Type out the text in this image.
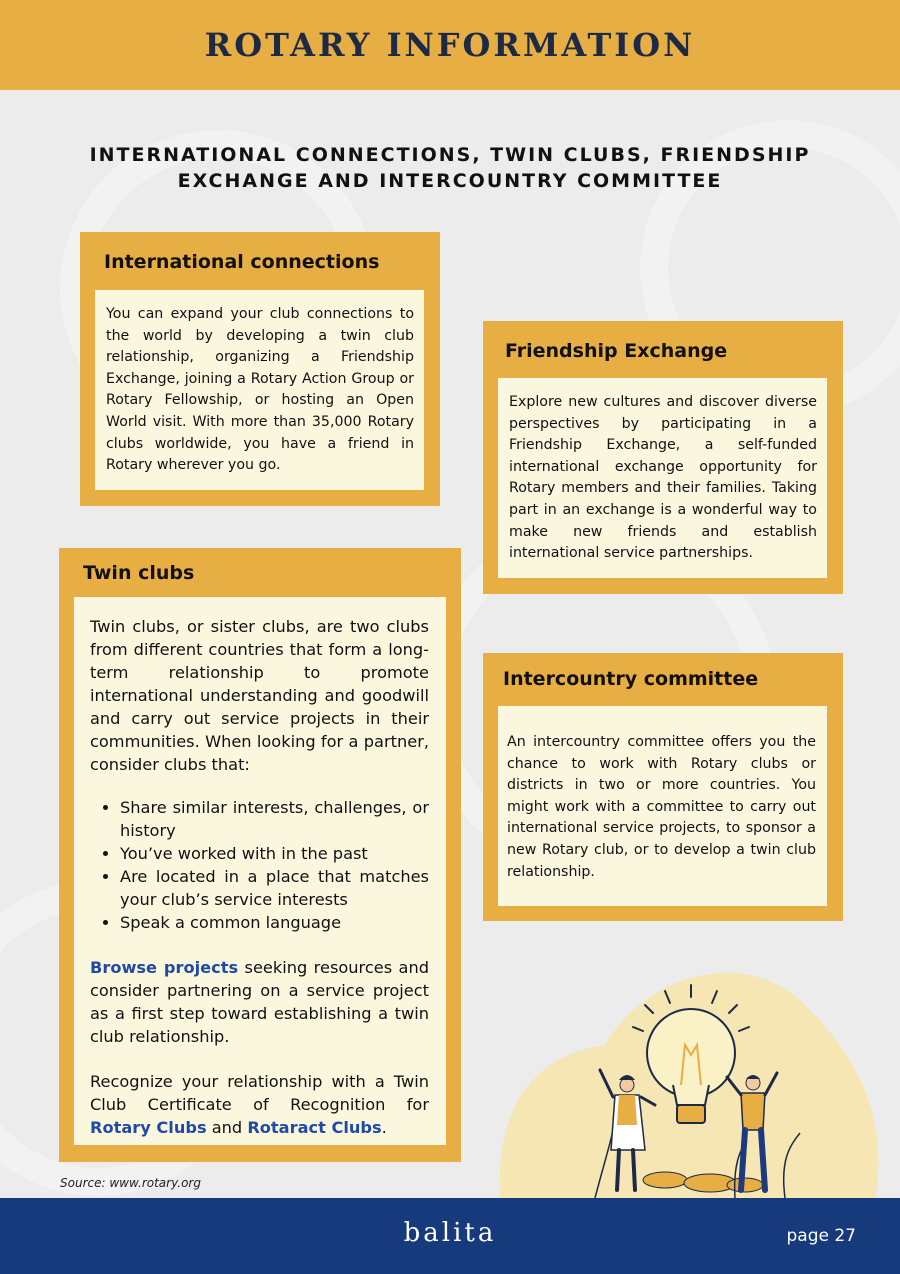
ROTARY INFORMATION
INTERNATIONAL CONNECTIONS, TWIN CLUBS, FRIENDSHIP EXCHANGE AND INTERCOUNTRY COMMITTEE
International connections

You can expand your club connections to the world by developing a twin club relationship, organizing a Friendship Exchange, joining a Rotary Action Group or Rotary Fellowship, or hosting an Open World visit. With more than 35,000 Rotary clubs worldwide, you have a friend in Rotary wherever you go.

Friendship Exchange

Explore new cultures and discover diverse perspectives by participating in a Friendship Exchange, a self-funded international exchange opportunity for Rotary members and their families. Taking part in an exchange is a wonderful way to make new friends and establish international service partnerships.

Twin clubs

Twin clubs, or sister clubs, are two clubs from different countries that form a long-term relationship to promote international understanding and goodwill and carry out service projects in their communities. When looking for a partner, consider clubs that:

• Share similar interests, challenges, or history
• You’ve worked with in the past
• Are located in a place that matches your club’s service interests
• Speak a common language

Browse projects seeking resources and consider partnering on a service project as a first step toward establishing a twin club relationship.

Recognize your relationship with a Twin Club Certificate of Recognition for Rotary Clubs and Rotaract Clubs.

Intercountry committee

An intercountry committee offers you the chance to work with Rotary clubs or districts in two or more countries. You might work with a committee to carry out international service projects, to sponsor a new Rotary club, or to develop a twin club relationship.

Source: www.rotary.org
balita	page 27
